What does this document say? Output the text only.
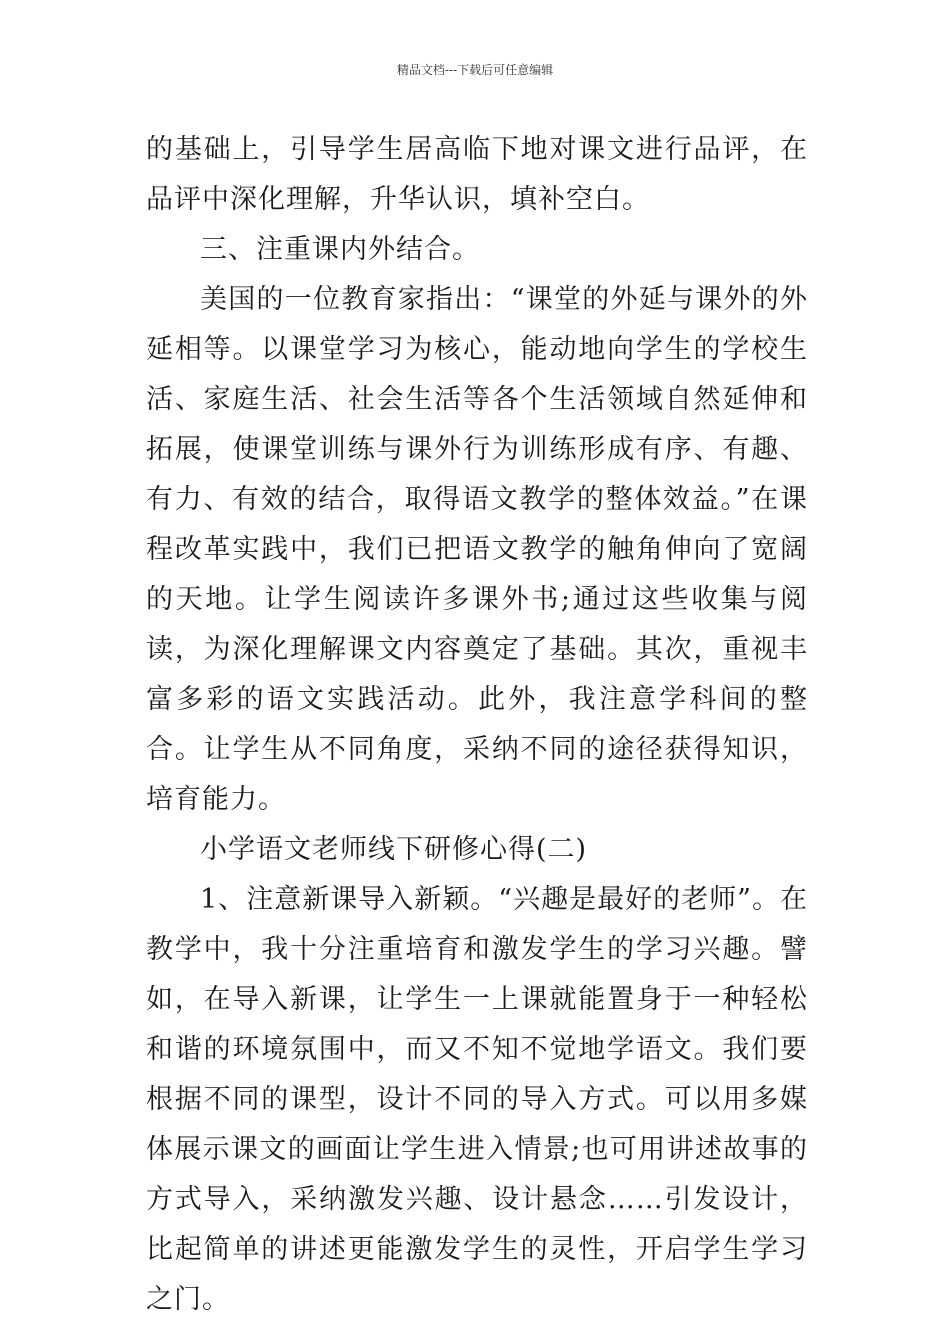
精品文档---下载后可任意编辑

的基础上，引导学生居高临下地对课文进行品评，在品评中深化理解，升华认识，填补空白。

三、注重课内外结合。

美国的一位教育家指出：“课堂的外延与课外的外延相等。以课堂学习为核心，能动地向学生的学校生活、家庭生活、社会生活等各个生活领域自然延伸和拓展，使课堂训练与课外行为训练形成有序、有趣、有力、有效的结合，取得语文教学的整体效益。”在课程改革实践中，我们已把语文教学的触角伸向了宽阔的天地。让学生阅读许多课外书;通过这些收集与阅读，为深化理解课文内容奠定了基础。其次，重视丰富多彩的语文实践活动。此外，我注意学科间的整合。让学生从不同角度，采纳不同的途径获得知识，培育能力。

小学语文老师线下研修心得(二)

1、注意新课导入新颖。“兴趣是最好的老师”。在教学中，我十分注重培育和激发学生的学习兴趣。譬如，在导入新课，让学生一上课就能置身于一种轻松　和谐的环境氛围中，而又不知不觉地学语文。我们要根据不同的课型，设计不同的导入方式。可以用多媒体展示课文的画面让学生进入情景;也可用讲述故事的方式导入，采纳激发兴趣、设计悬念……引发设计，比起简单的讲述更能激发学生的灵性，开启学生学习之门。
